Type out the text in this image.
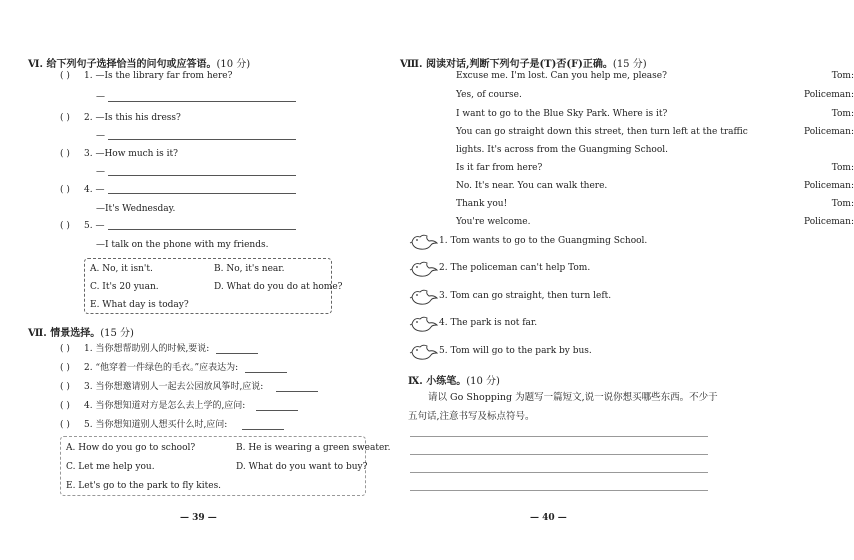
Ⅵ. 给下列句子选择恰当的问句或应答语。(10 分)
( ) 1. —Is the library far from here?
—
( ) 2. —Is this his dress?
—
( ) 3. —How much is it?
—
( ) 4. —
—It's Wednesday.
( ) 5. —
—I talk on the phone with my friends.
A. No, it isn't.	B. No, it's near.
C. It's 20 yuan.	D. What do you do at home?
E. What day is today?
Ⅶ. 情景选择。(15 分)
( ) 1. 当你想帮助别人的时候,要说:
( ) 2. “他穿着一件绿色的毛衣。”应表达为:
( ) 3. 当你想邀请别人一起去公园放风筝时,应说:
( ) 4. 当你想知道对方是怎么去上学的,应问:
( ) 5. 当你想知道别人想买什么时,应问:
A. How do you go to school?	B. He is wearing a green sweater.
C. Let me help you.	D. What do you want to buy?
E. Let's go to the park to fly kites.
— 39 —
Ⅷ. 阅读对话,判断下列句子是(T)否(F)正确。(15 分)
Tom:
Excuse me. I'm lost. Can you help me, please?
Policeman:
Yes, of course.
Tom:
I want to go to the Blue Sky Park. Where is it?
Policeman:
You can go straight down this street, then turn left at the traffic
lights. It's across from the Guangming School.
Tom:
Is it far from here?
Policeman:
No. It's near. You can walk there.
Tom:
Thank you!
Policeman:
You're welcome.
1. Tom wants to go to the Guangming School.
2. The policeman can't help Tom.
3. Tom can go straight, then turn left.
4. The park is not far.
5. Tom will go to the park by bus.
Ⅸ. 小练笔。(10 分)
请以 Go Shopping 为题写一篇短文,说一说你想买哪些东西。不少于
五句话,注意书写及标点符号。
— 40 —
